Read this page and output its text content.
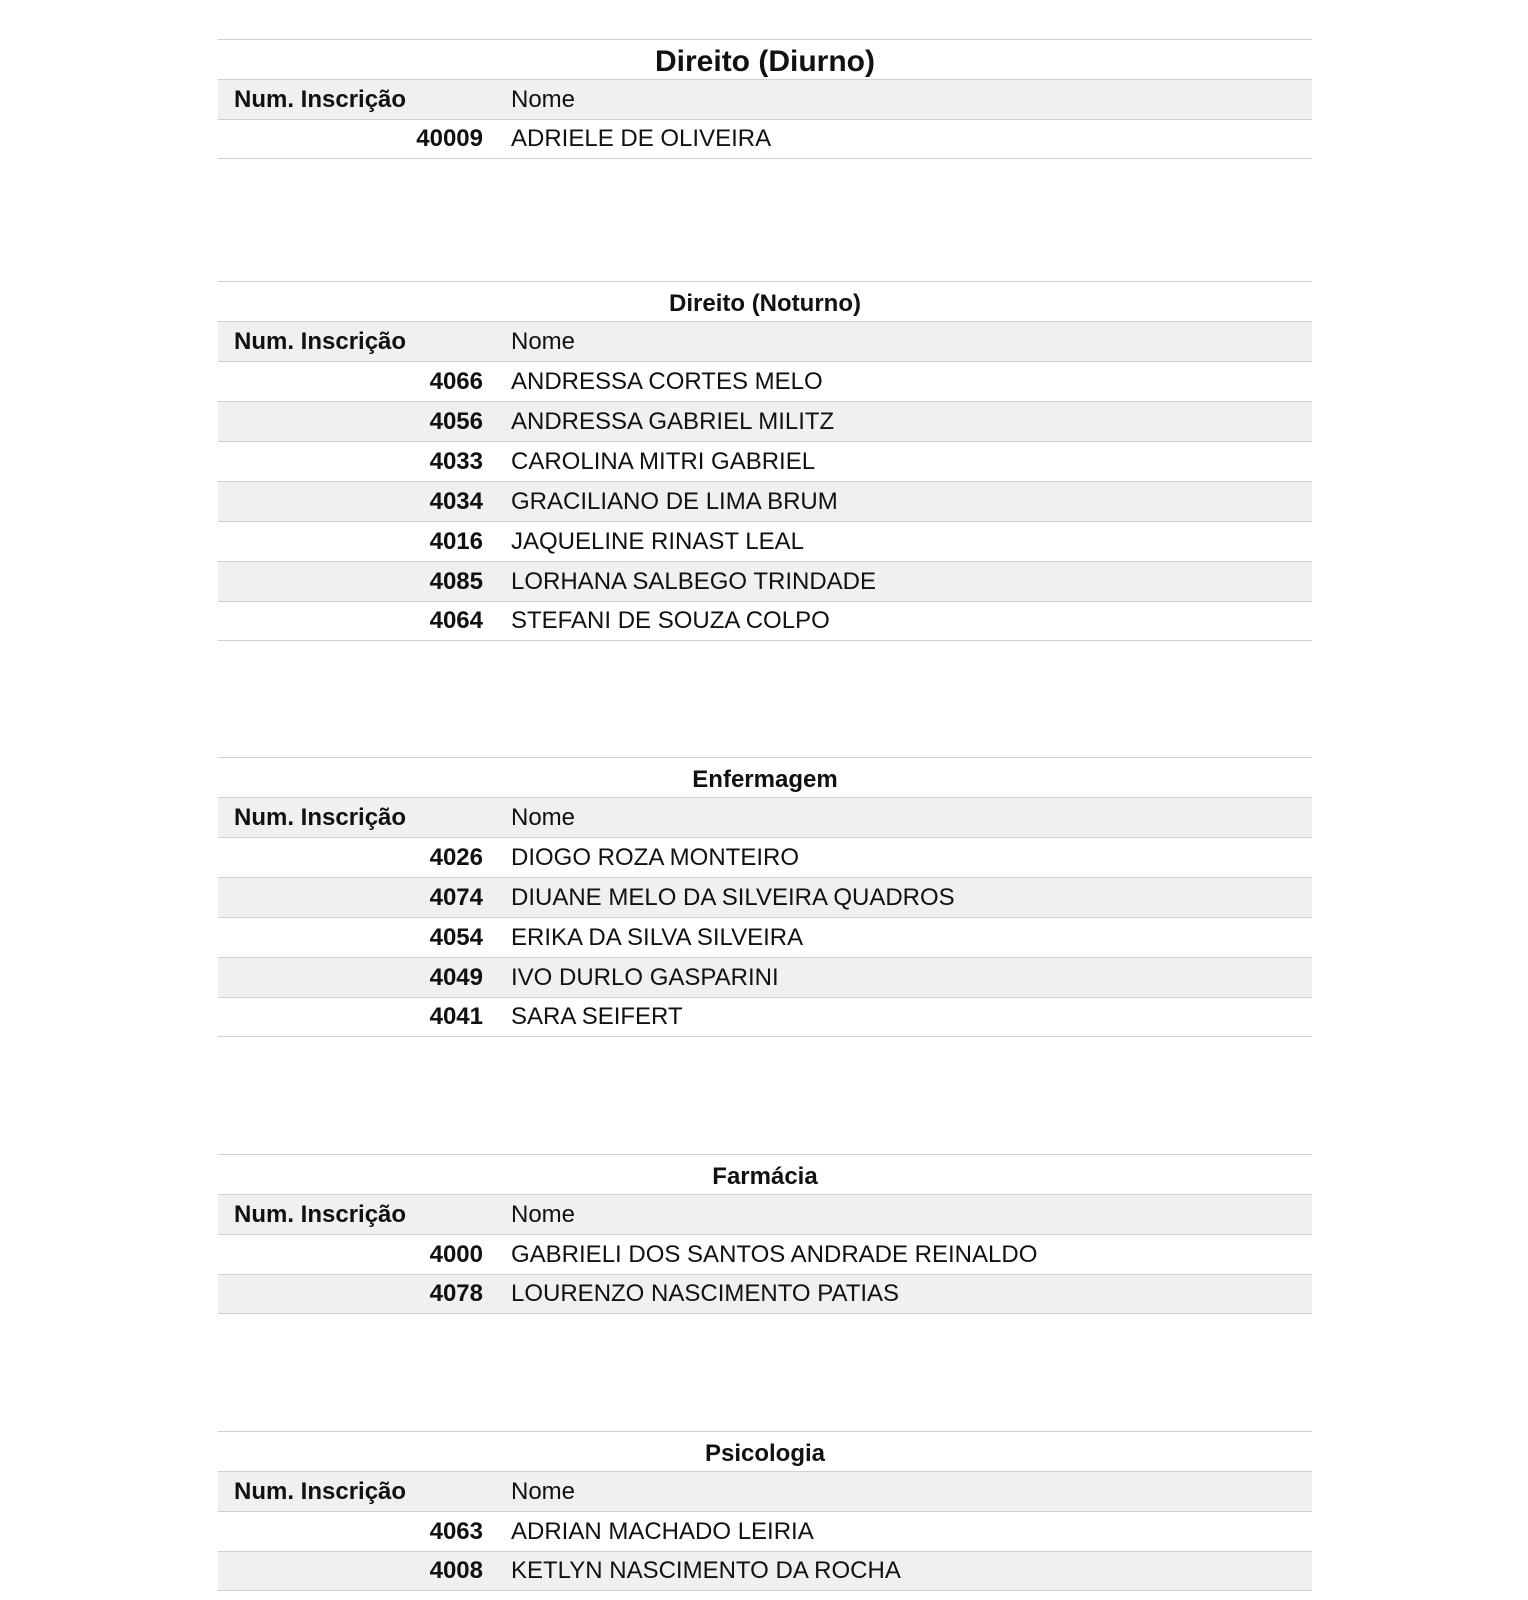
Direito (Diurno)
Num. Inscrição	Nome
40009	ADRIELE DE OLIVEIRA
Direito (Noturno)
Num. Inscrição	Nome
4066	ANDRESSA CORTES MELO
4056	ANDRESSA GABRIEL MILITZ
4033	CAROLINA MITRI GABRIEL
4034	GRACILIANO DE LIMA BRUM
4016	JAQUELINE RINAST LEAL
4085	LORHANA SALBEGO TRINDADE
4064	STEFANI DE SOUZA COLPO
Enfermagem
Num. Inscrição	Nome
4026	DIOGO ROZA MONTEIRO
4074	DIUANE MELO DA SILVEIRA QUADROS
4054	ERIKA DA SILVA SILVEIRA
4049	IVO DURLO GASPARINI
4041	SARA SEIFERT
Farmácia
Num. Inscrição	Nome
4000	GABRIELI DOS SANTOS ANDRADE REINALDO
4078	LOURENZO NASCIMENTO PATIAS
Psicologia
Num. Inscrição	Nome
4063	ADRIAN MACHADO LEIRIA
4008	KETLYN NASCIMENTO DA ROCHA
